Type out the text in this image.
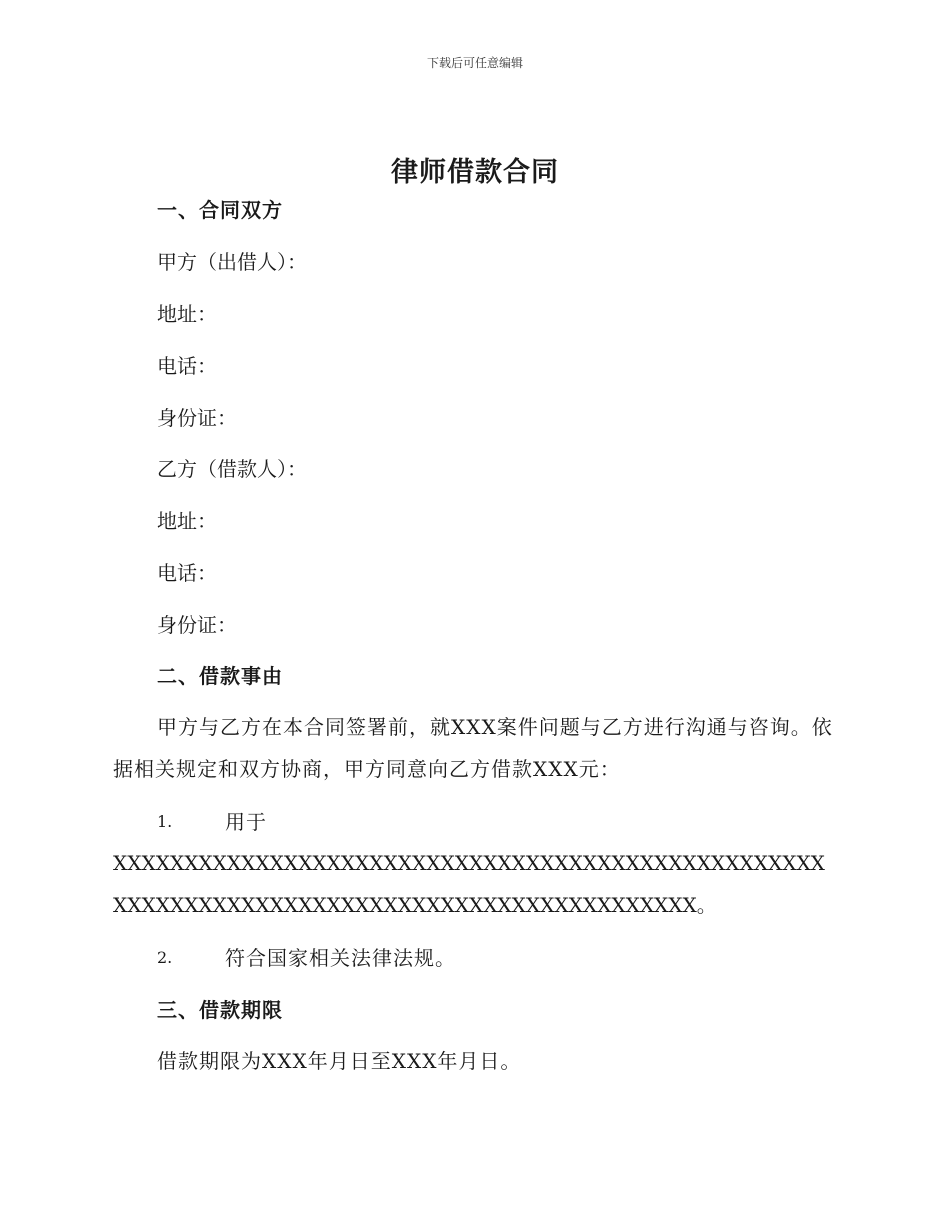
下载后可任意编辑
律师借款合同
一、合同双方
甲方（出借人）：
地址：
电话：
身份证：
乙方（借款人）：
地址：
电话：
身份证：
二、借款事由
甲方与乙方在本合同签署前，就XXX案件问题与乙方进行沟通与咨询。依据相关规定和双方协商，甲方同意向乙方借款XXX元：
1.	用于
XXXXXXXXXXXXXXXXXXXXXXXXXXXXXXXXXXXXXXXXXXXXXXXXXXXXXXXXXXXXXXXXXXXXXXXXXXXXXXXXXXXXXXXXXXX。
2.	符合国家相关法律法规。
三、借款期限
借款期限为XXX年月日至XXX年月日。
